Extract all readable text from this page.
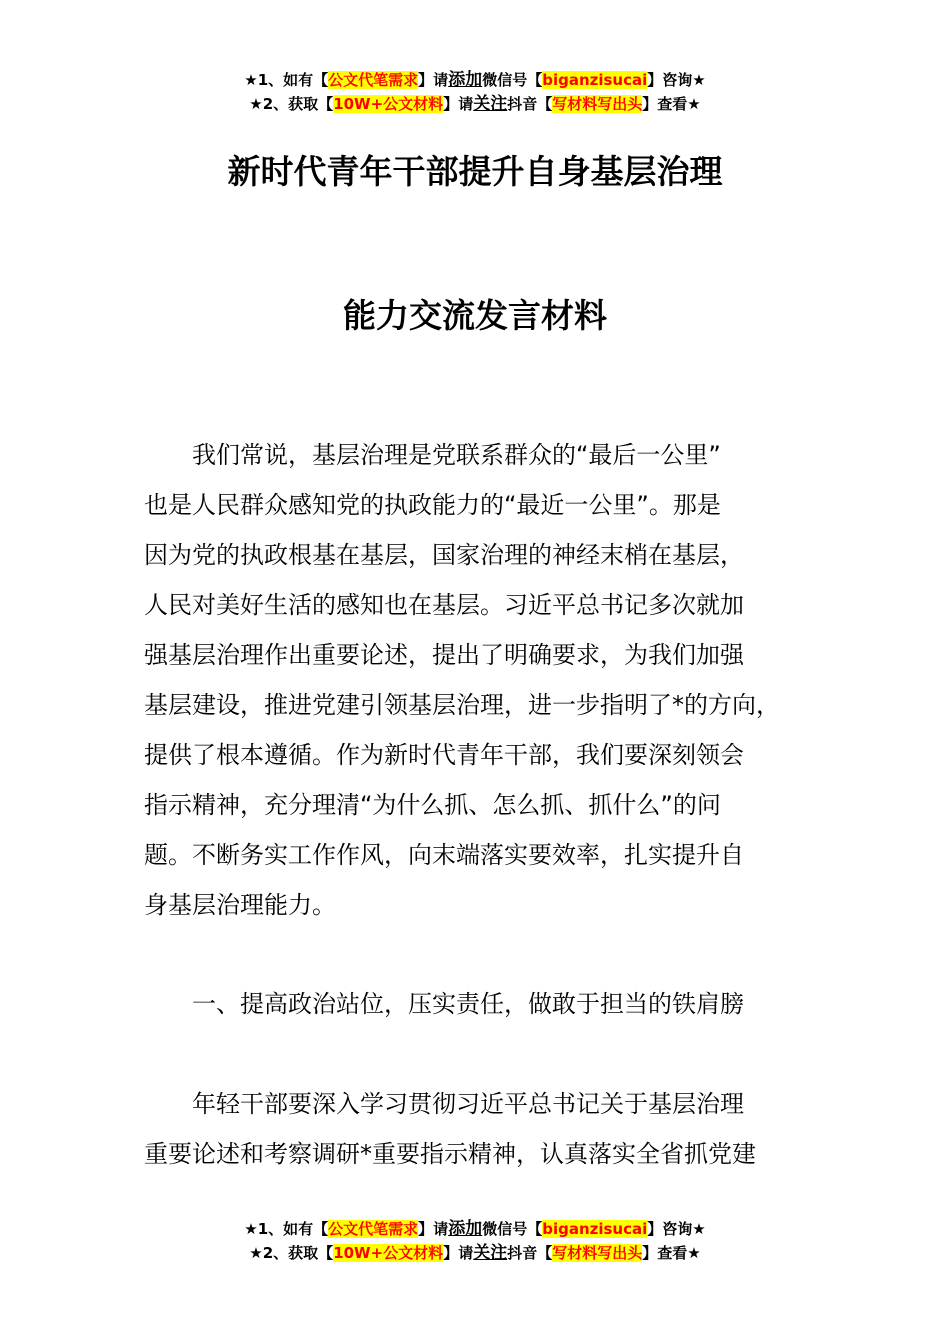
★1、如有【公文代笔需求】请添加微信号【biganzisucai】咨询★
★2、获取【10W+公文材料】请关注抖音【写材料写出头】查看★
新时代青年干部提升自身基层治理
能力交流发言材料
　　我们常说，基层治理是党联系群众的“最后一公里”
也是人民群众感知党的执政能力的“最近一公里”。那是
因为党的执政根基在基层，国家治理的神经末梢在基层，
人民对美好生活的感知也在基层。习近平总书记多次就加
强基层治理作出重要论述，提出了明确要求，为我们加强
基层建设，推进党建引领基层治理，进一步指明了*的方向，
提供了根本遵循。作为新时代青年干部，我们要深刻领会
指示精神，充分理清“为什么抓、怎么抓、抓什么”的问
题。不断务实工作作风，向末端落实要效率，扎实提升自
身基层治理能力。
　　一、提高政治站位，压实责任，做敢于担当的铁肩膀
　　年轻干部要深入学习贯彻习近平总书记关于基层治理
重要论述和考察调研*重要指示精神，认真落实全省抓党建
★1、如有【公文代笔需求】请添加微信号【biganzisucai】咨询★
★2、获取【10W+公文材料】请关注抖音【写材料写出头】查看★
